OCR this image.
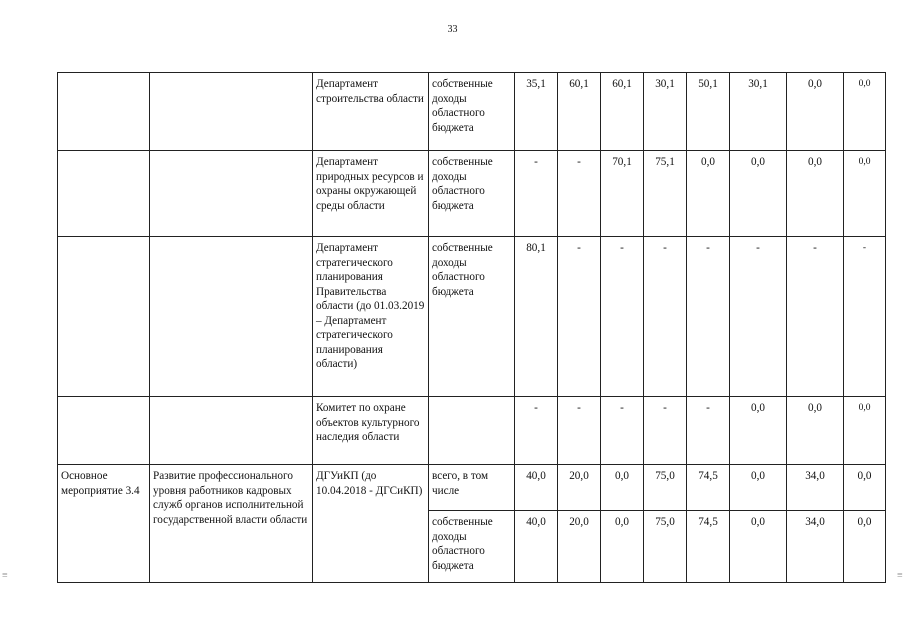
33
≡	≡
		Департамент строительства области	собственные доходы областного бюджета	35,1	60,1	60,1	30,1	50,1	30,1	0,0	0,0
		Департамент природных ресурсов и охраны окружающей среды области	собственные доходы областного бюджета	-	-	70,1	75,1	0,0	0,0	0,0	0,0
		Департамент стратегического планирования Правительства области (до 01.03.2019 – Департамент стратегического планирования области)	собственные доходы областного бюджета	80,1	-	-	-	-	-	-	-
		Комитет по охране объектов культурного наследия области		-	-	-	-	-	0,0	0,0	0,0
Основное мероприятие 3.4	Развитие профессионального уровня работников кадровых служб органов исполнительной государственной власти области	ДГУиКП (до 10.04.2018 - ДГСиКП)	всего, в том числе	40,0	20,0	0,0	75,0	74,5	0,0	34,0	0,0
			собственные доходы областного бюджета	40,0	20,0	0,0	75,0	74,5	0,0	34,0	0,0
